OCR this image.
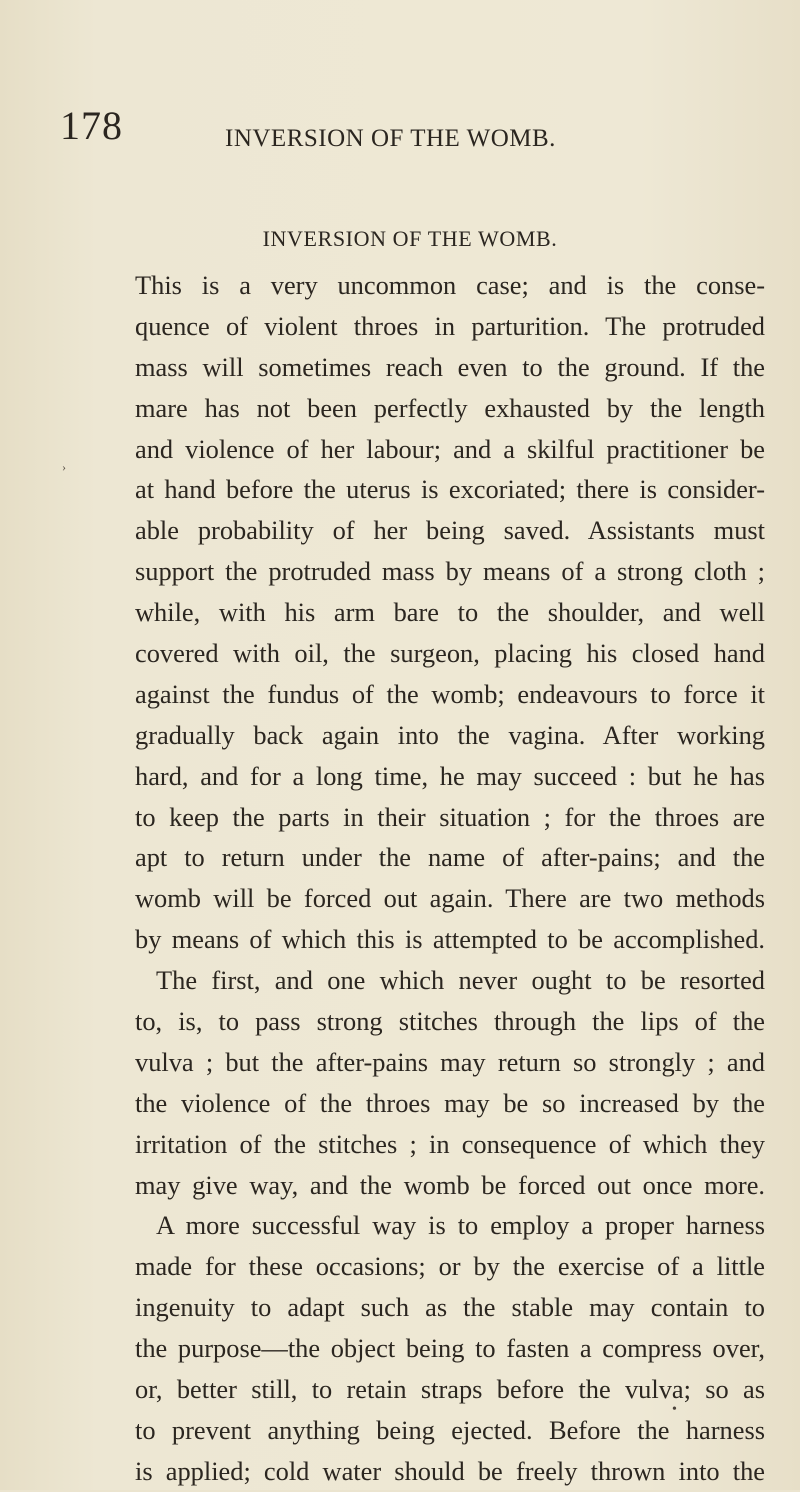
178	INVERSION OF THE WOMB.
INVERSION OF THE WOMB.
This is a very uncommon case; and is the conse-
quence of violent throes in parturition. The protruded
mass will sometimes reach even to the ground. If the
mare has not been perfectly exhausted by the length
and violence of her labour; and a skilful practitioner be
at hand before the uterus is excoriated; there is consider-
able probability of her being saved. Assistants must
support the protruded mass by means of a strong cloth ;
while, with his arm bare to the shoulder, and well
covered with oil, the surgeon, placing his closed hand
against the fundus of the womb; endeavours to force it
gradually back again into the vagina. After working
hard, and for a long time, he may succeed : but he has
to keep the parts in their situation ; for the throes are
apt to return under the name of after-pains; and the
womb will be forced out again. There are two methods
by means of which this is attempted to be accomplished.
The first, and one which never ought to be resorted
to, is, to pass strong stitches through the lips of the
vulva ; but the after-pains may return so strongly ; and
the violence of the throes may be so increased by the
irritation of the stitches ; in consequence of which they
may give way, and the womb be forced out once more.
A more successful way is to employ a proper harness
made for these occasions; or by the exercise of a little
ingenuity to adapt such as the stable may contain to
the purpose—the object being to fasten a compress over,
or, better still, to retain straps before the vulva; so as
to prevent anything being ejected. Before the harness
is applied; cold water should be freely thrown into the
›
•
